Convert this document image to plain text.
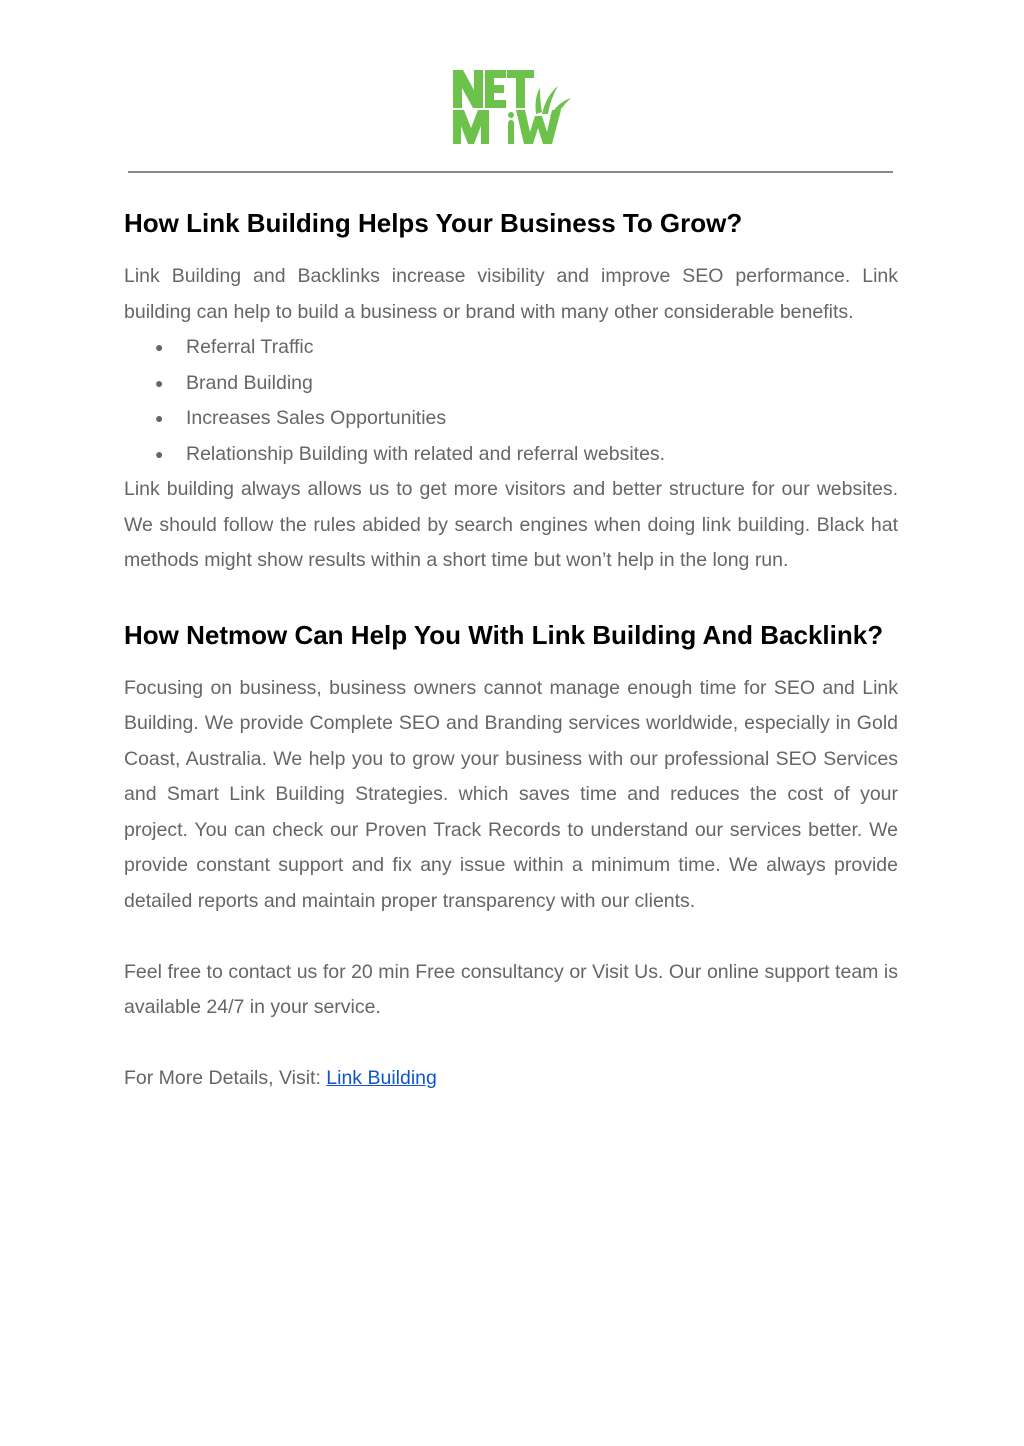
How Link Building Helps Your Business To Grow?

Link Building and Backlinks increase visibility and improve SEO performance. Link building can help to build a business or brand with many other considerable benefits.

● Referral Traffic
● Brand Building
● Increases Sales Opportunities
● Relationship Building with related and referral websites.

Link building always allows us to get more visitors and better structure for our websites. We should follow the rules abided by search engines when doing link building. Black hat methods might show results within a short time but won’t help in the long run.

How Netmow Can Help You With Link Building And Backlink?

Focusing on business, business owners cannot manage enough time for SEO and Link Building. We provide Complete SEO and Branding services worldwide, especially in Gold Coast, Australia. We help you to grow your business with our professional SEO Services and Smart Link Building Strategies. which saves time and reduces the cost of your project. You can check our Proven Track Records to understand our services better. We provide constant support and fix any issue within a minimum time. We always provide detailed reports and maintain proper transparency with our clients.

Feel free to contact us for 20 min Free consultancy or Visit Us. Our online support team is available 24/7 in your service.

For More Details, Visit: Link Building
